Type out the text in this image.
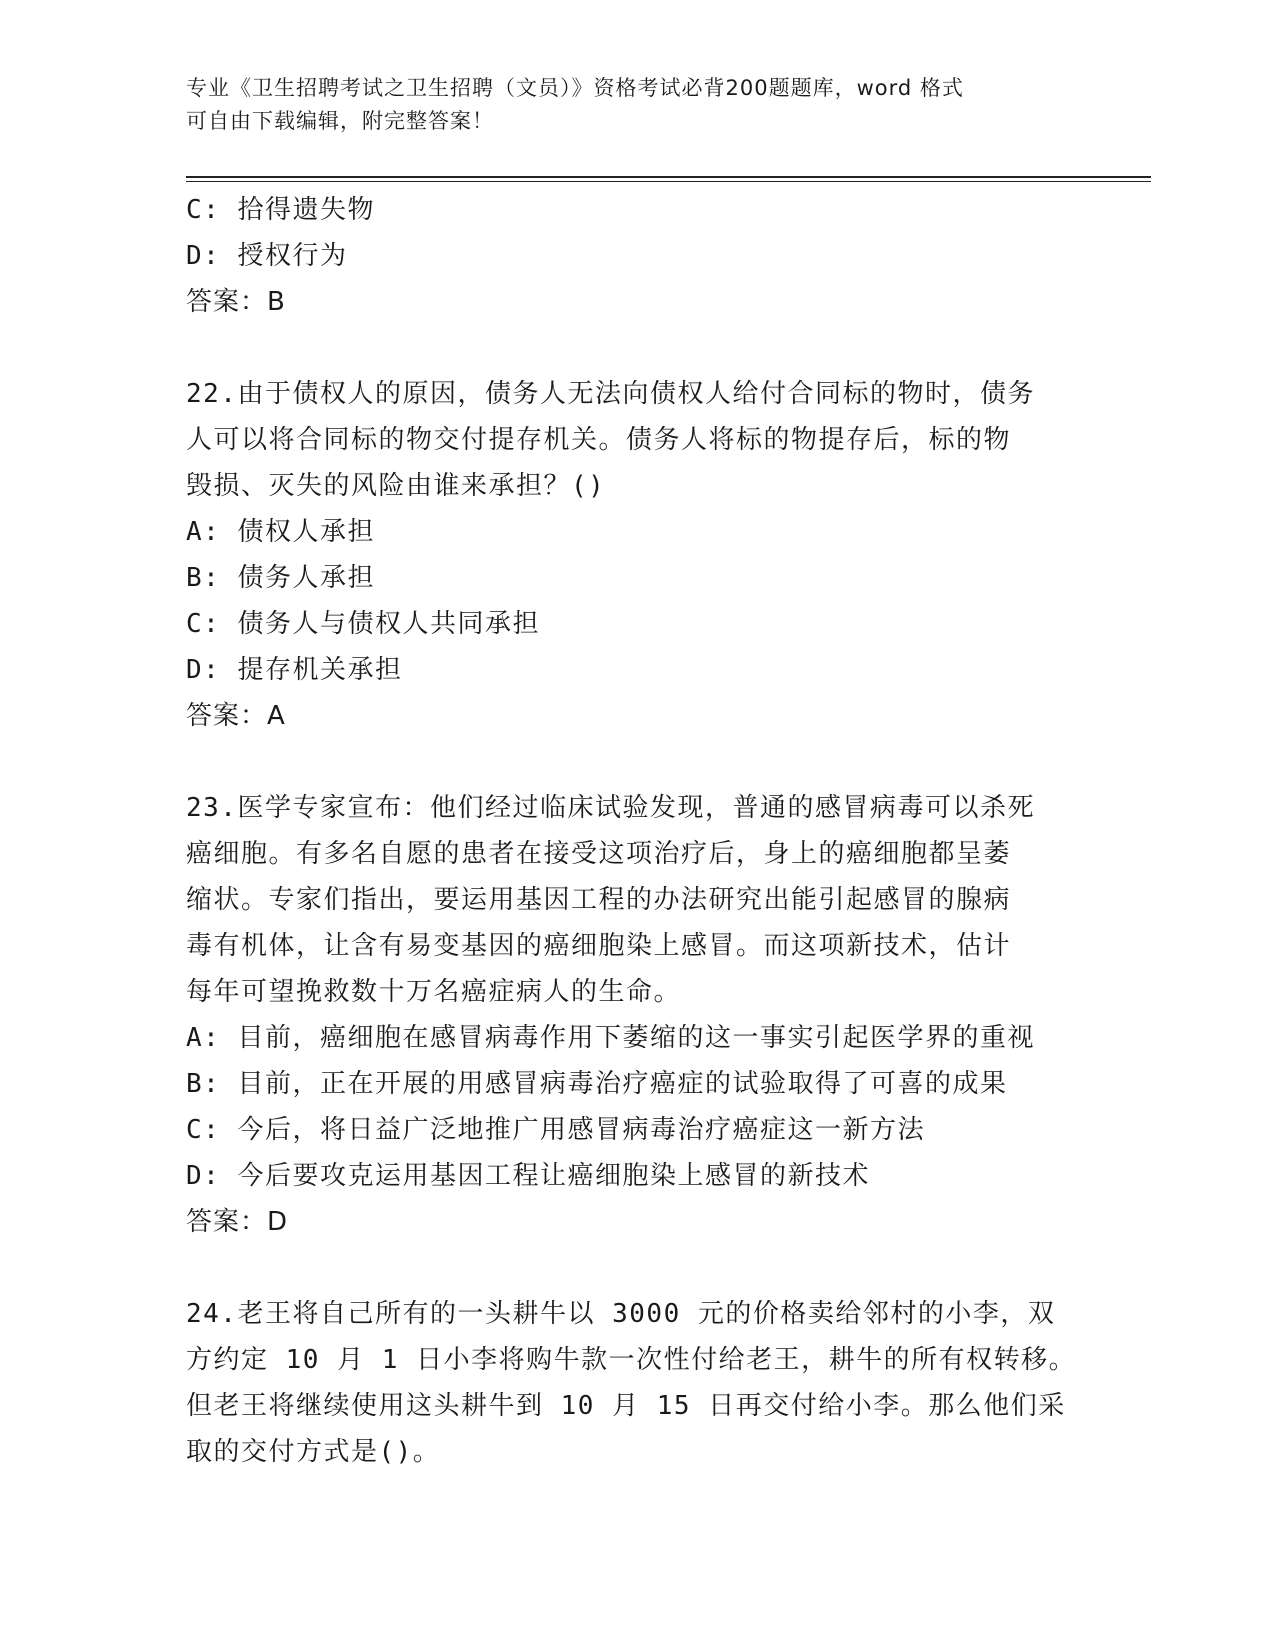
专业《卫生招聘考试之卫生招聘（文员）》资格考试必背200题题库，word 格式
可自由下载编辑，附完整答案！
C: 拾得遗失物
D: 授权行为
答案：B
22.由于债权人的原因，债务人无法向债权人给付合同标的物时，债务
人可以将合同标的物交付提存机关。债务人将标的物提存后，标的物
毁损、灭失的风险由谁来承担？()
A: 债权人承担
B: 债务人承担
C: 债务人与债权人共同承担
D: 提存机关承担
答案：A
23.医学专家宣布：他们经过临床试验发现，普通的感冒病毒可以杀死
癌细胞。有多名自愿的患者在接受这项治疗后，身上的癌细胞都呈萎
缩状。专家们指出，要运用基因工程的办法研究出能引起感冒的腺病
毒有机体，让含有易变基因的癌细胞染上感冒。而这项新技术，估计
每年可望挽救数十万名癌症病人的生命。
A: 目前，癌细胞在感冒病毒作用下萎缩的这一事实引起医学界的重视
B: 目前，正在开展的用感冒病毒治疗癌症的试验取得了可喜的成果
C: 今后，将日益广泛地推广用感冒病毒治疗癌症这一新方法
D: 今后要攻克运用基因工程让癌细胞染上感冒的新技术
答案：D
24.老王将自己所有的一头耕牛以 3000 元的价格卖给邻村的小李，双
方约定 10 月 1 日小李将购牛款一次性付给老王，耕牛的所有权转移。
但老王将继续使用这头耕牛到 10 月 15 日再交付给小李。那么他们采
取的交付方式是()。
